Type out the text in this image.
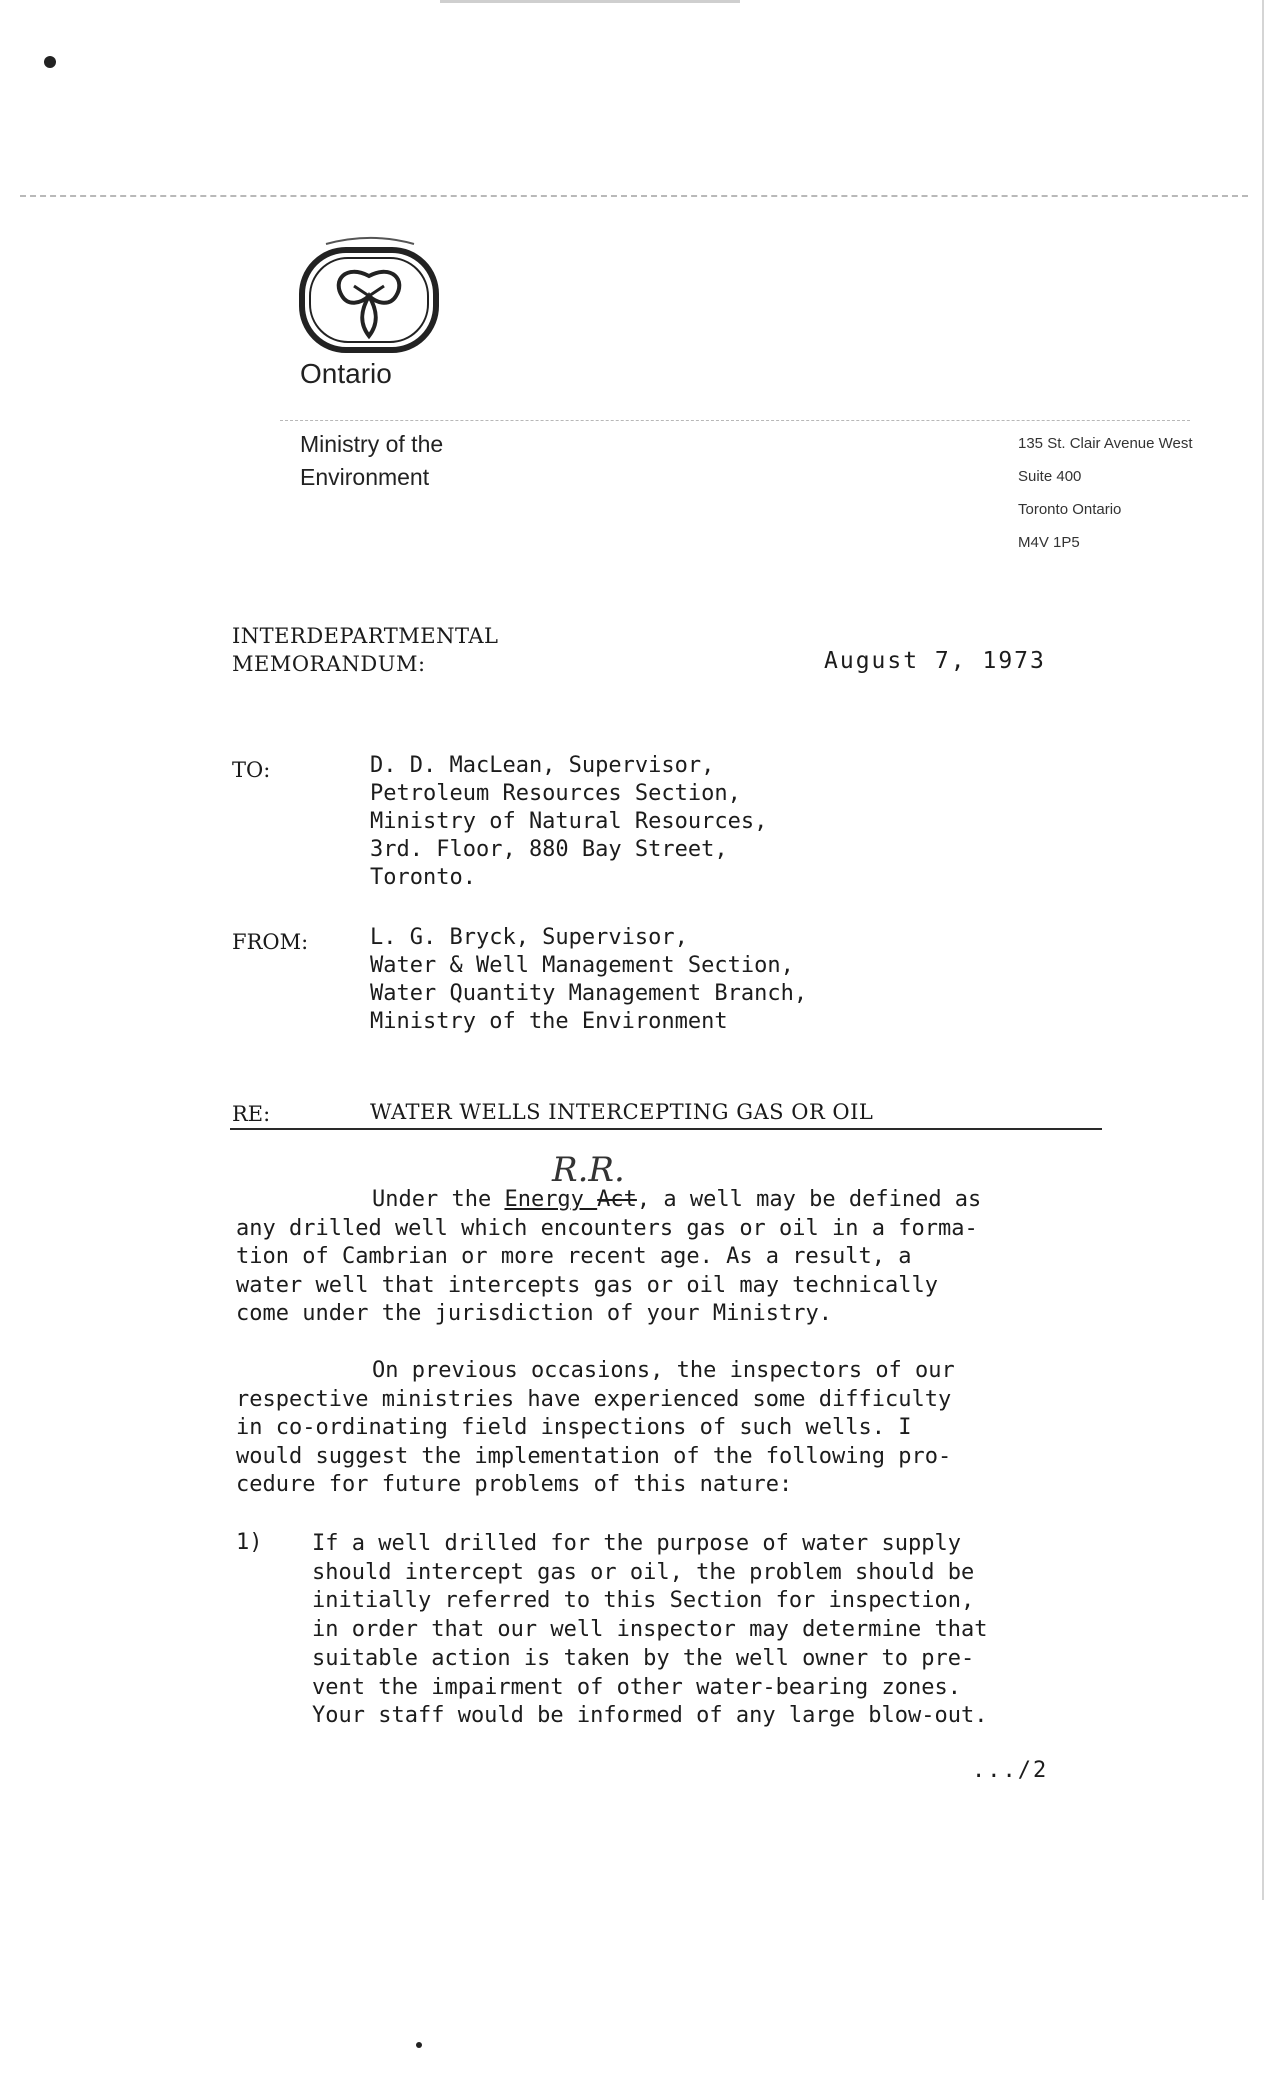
Ontario
Ministry of the
Environment
135 St. Clair Avenue West
Suite 400
Toronto Ontario
M4V 1P5
INTERDEPARTMENTAL
MEMORANDUM:	August 7, 1973
TO:	D. D. MacLean, Supervisor,
Petroleum Resources Section,
Ministry of Natural Resources,
3rd. Floor, 880 Bay Street,
Toronto.
FROM:	L. G. Bryck, Supervisor,
Water & Well Management Section,
Water Quantity Management Branch,
Ministry of the Environment
RE:	WATER WELLS INTERCEPTING GAS OR OIL
R.R.
Under the Energy Act, a well may be defined as
any drilled well which encounters gas or oil in a forma-
tion of Cambrian or more recent age. As a result, a
water well that intercepts gas or oil may technically
come under the jurisdiction of your Ministry.
On previous occasions, the inspectors of our
respective ministries have experienced some difficulty
in co-ordinating field inspections of such wells. I
would suggest the implementation of the following pro-
cedure for future problems of this nature:
1) If a well drilled for the purpose of water supply
should intercept gas or oil, the problem should be
initially referred to this Section for inspection,
in order that our well inspector may determine that
suitable action is taken by the well owner to pre-
vent the impairment of other water-bearing zones.
Your staff would be informed of any large blow-out.
.../2
